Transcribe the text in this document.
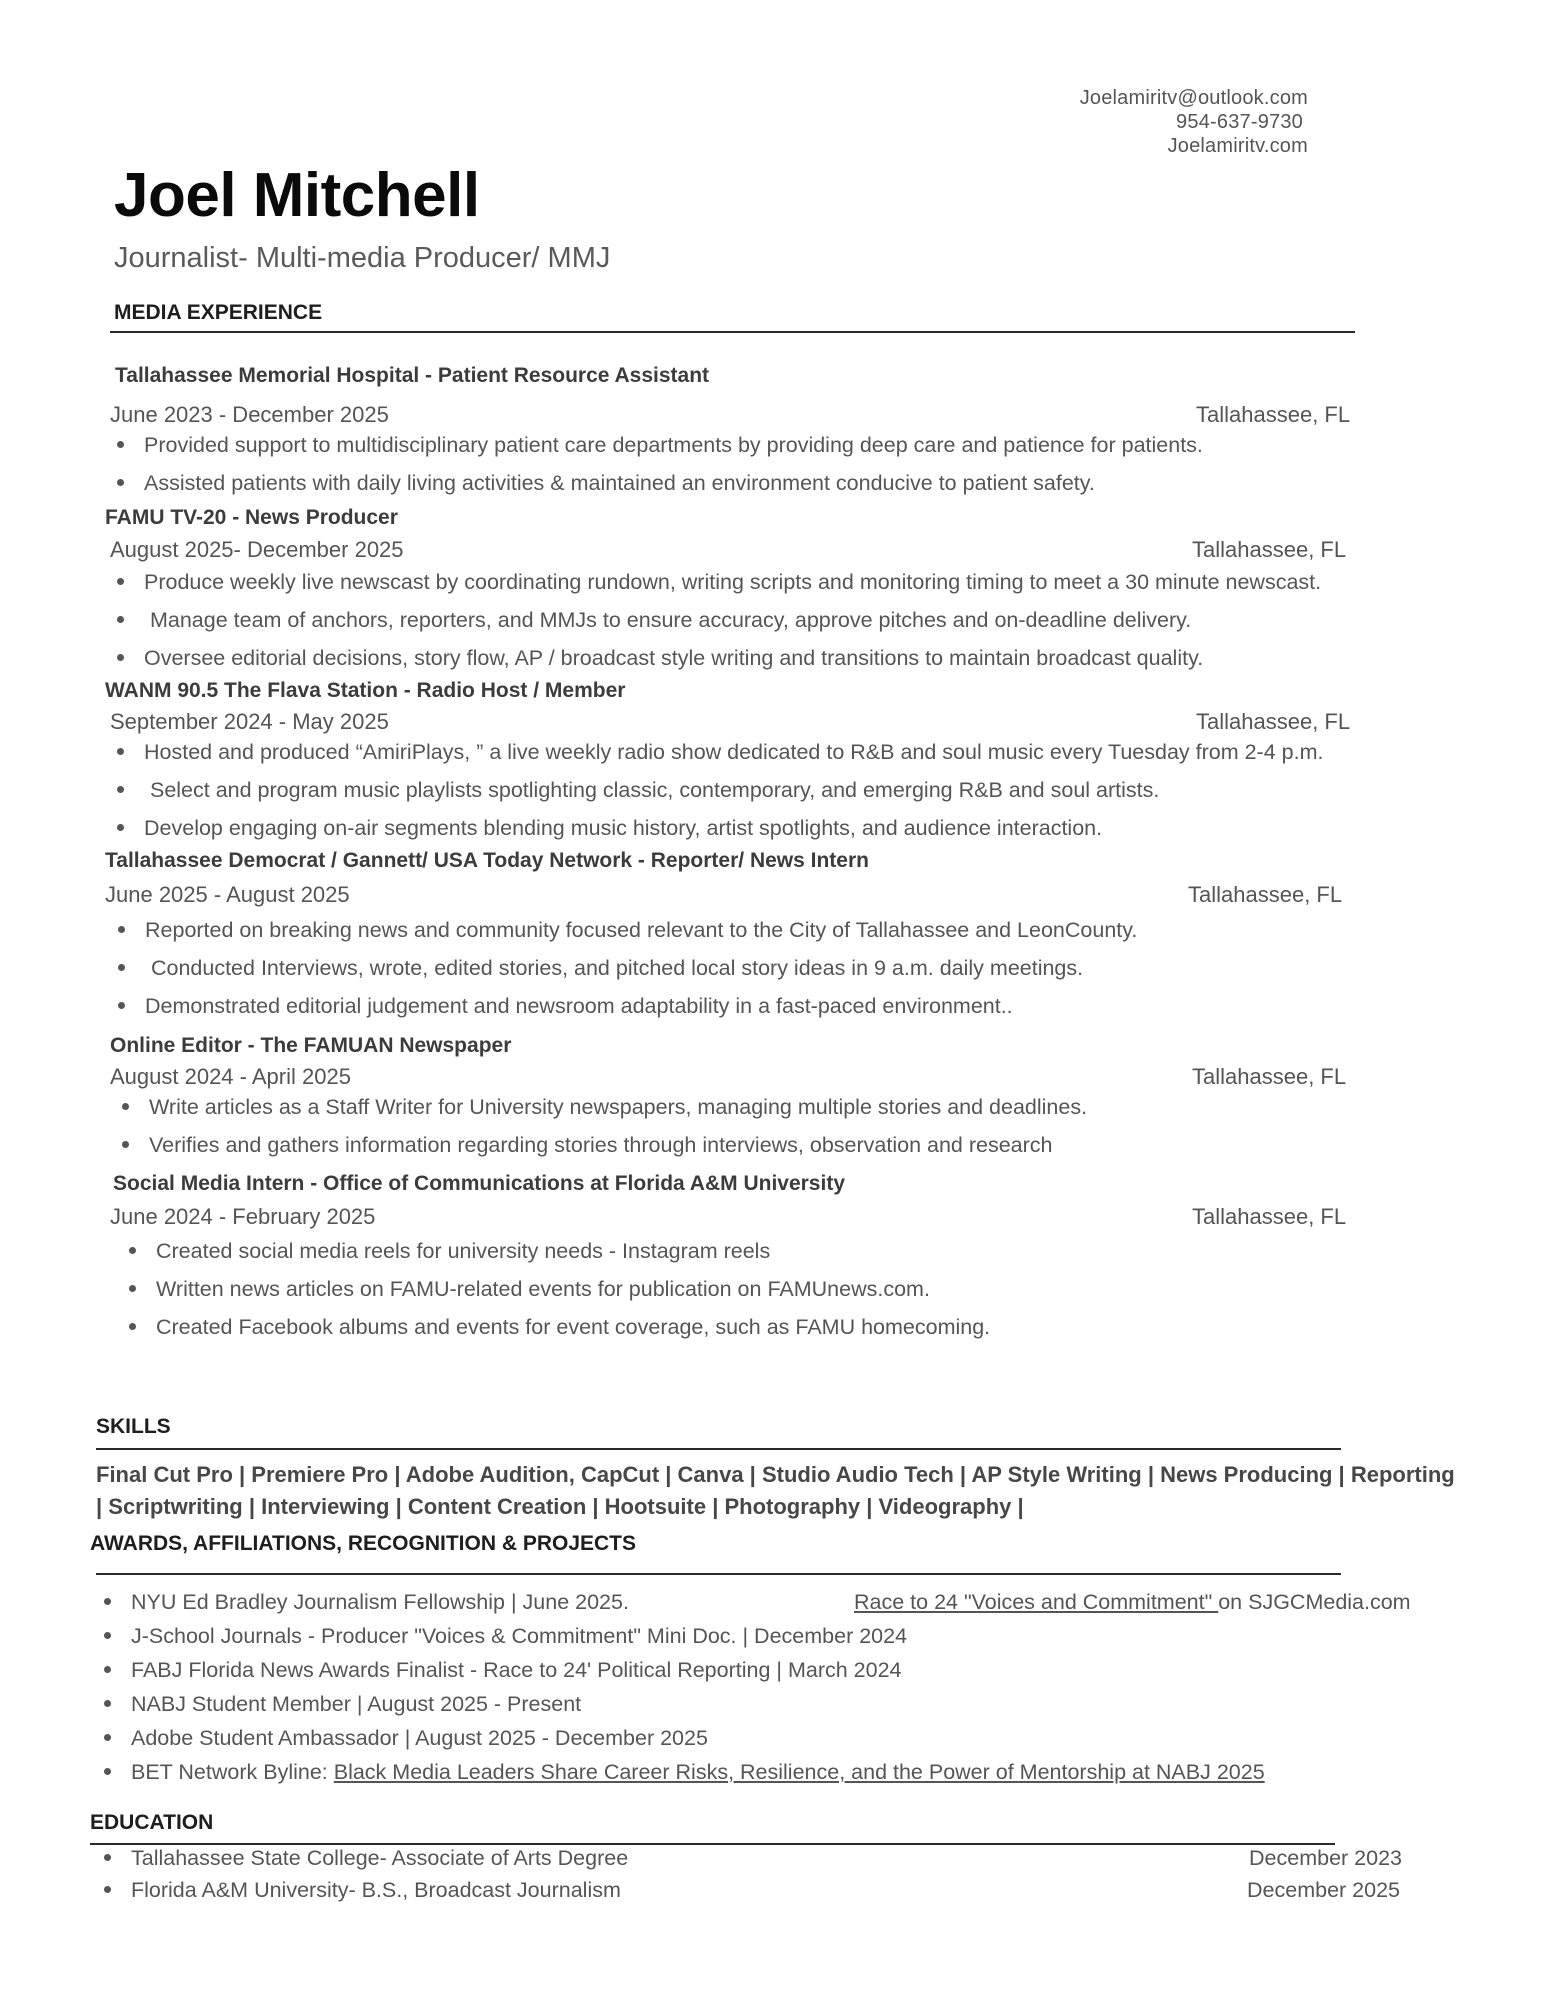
Joelamiritv@outlook.com
954-637-9730
Joelamiritv.com
Joel Mitchell
Journalist- Multi-media Producer/ MMJ
MEDIA EXPERIENCE
Tallahassee Memorial Hospital - Patient Resource Assistant
June 2023 - December 2025	Tallahassee, FL
Provided support to multidisciplinary patient care departments by providing deep care and patience for patients.
Assisted patients with daily living activities & maintained an environment conducive to patient safety.
FAMU TV-20 - News Producer
August 2025- December 2025	Tallahassee, FL
Produce weekly live newscast by coordinating rundown, writing scripts and monitoring timing to meet a 30 minute newscast.
Manage team of anchors, reporters, and MMJs to ensure accuracy, approve pitches and on-deadline delivery.
Oversee editorial decisions, story flow, AP / broadcast style writing and transitions to maintain broadcast quality.
WANM 90.5 The Flava Station - Radio Host / Member
September 2024 - May 2025	Tallahassee, FL
Hosted and produced “AmiriPlays, ” a live weekly radio show dedicated to R&B and soul music every Tuesday from 2-4 p.m.
Select and program music playlists spotlighting classic, contemporary, and emerging R&B and soul artists.
Develop engaging on-air segments blending music history, artist spotlights, and audience interaction.
Tallahassee Democrat / Gannett/ USA Today Network - Reporter/ News Intern
June 2025 - August 2025	Tallahassee, FL
Reported on breaking news and community focused relevant to the City of Tallahassee and LeonCounty.
Conducted Interviews, wrote, edited stories, and pitched local story ideas in 9 a.m. daily meetings.
Demonstrated editorial judgement and newsroom adaptability in a fast-paced environment..
Online Editor - The FAMUAN Newspaper
August 2024 - April 2025	Tallahassee, FL
Write articles as a Staff Writer for University newspapers, managing multiple stories and deadlines.
Verifies and gathers information regarding stories through interviews, observation and research
Social Media Intern - Office of Communications at Florida A&M University
June 2024 - February 2025	Tallahassee, FL
Created social media reels for university needs - Instagram reels
Written news articles on FAMU-related events for publication on FAMUnews.com.
Created Facebook albums and events for event coverage, such as FAMU homecoming.
SKILLS
Final Cut Pro | Premiere Pro | Adobe Audition, CapCut | Canva | Studio Audio Tech | AP Style Writing | News Producing | Reporting
| Scriptwriting | Interviewing | Content Creation | Hootsuite | Photography | Videography |
AWARDS, AFFILIATIONS, RECOGNITION & PROJECTS
NYU Ed Bradley Journalism Fellowship | June 2025.	Race to 24 "Voices and Commitment" on SJGCMedia.com
J-School Journals - Producer "Voices & Commitment" Mini Doc. | December 2024
FABJ Florida News Awards Finalist - Race to 24' Political Reporting | March 2024
NABJ Student Member | August 2025 - Present
Adobe Student Ambassador | August 2025 - December 2025
BET Network Byline: Black Media Leaders Share Career Risks, Resilience, and the Power of Mentorship at NABJ 2025
EDUCATION
Tallahassee State College- Associate of Arts Degree	December 2023
Florida A&M University- B.S., Broadcast Journalism	December 2025
